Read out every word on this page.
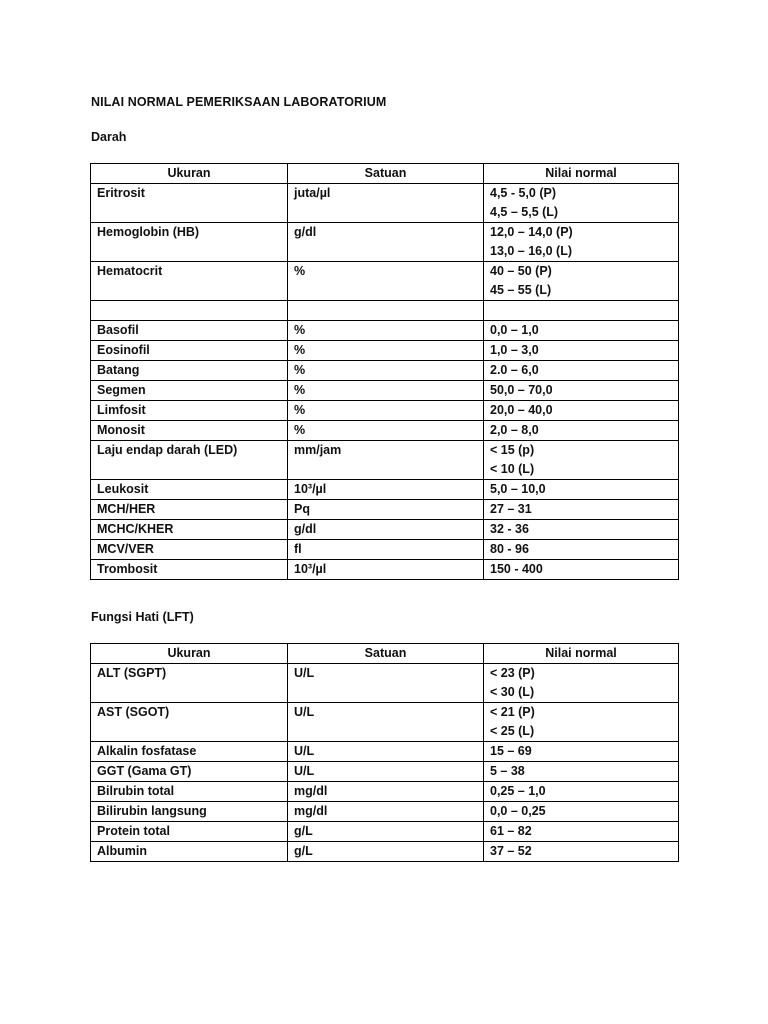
NILAI NORMAL PEMERIKSAAN LABORATORIUM
Darah
Ukuran	Satuan	Nilai normal
Eritrosit	juta/µl	4,5 - 5,0 (P)
4,5 – 5,5 (L)
Hemoglobin (HB)	g/dl	12,0 – 14,0 (P)
13,0 – 16,0 (L)
Hematocrit	%	40 – 50 (P)
45 – 55 (L)

Basofil	%	0,0 – 1,0
Eosinofil	%	1,0 – 3,0
Batang	%	2.0 – 6,0
Segmen	%	50,0 – 70,0
Limfosit	%	20,0 – 40,0
Monosit	%	2,0 – 8,0
Laju endap darah (LED)	mm/jam	< 15 (p)
< 10 (L)
Leukosit	10³/µl	5,0 – 10,0
MCH/HER	Pq	27 – 31
MCHC/KHER	g/dl	32 - 36
MCV/VER	fl	80 - 96
Trombosit	10³/µl	150 - 400
Fungsi Hati (LFT)
Ukuran	Satuan	Nilai normal
ALT (SGPT)	U/L	< 23 (P)
< 30 (L)
AST (SGOT)	U/L	< 21 (P)
< 25 (L)
Alkalin fosfatase	U/L	15 – 69
GGT (Gama GT)	U/L	5 – 38
Bilrubin total	mg/dl	0,25 – 1,0
Bilirubin langsung	mg/dl	0,0 – 0,25
Protein total	g/L	61 – 82
Albumin	g/L	37 – 52
